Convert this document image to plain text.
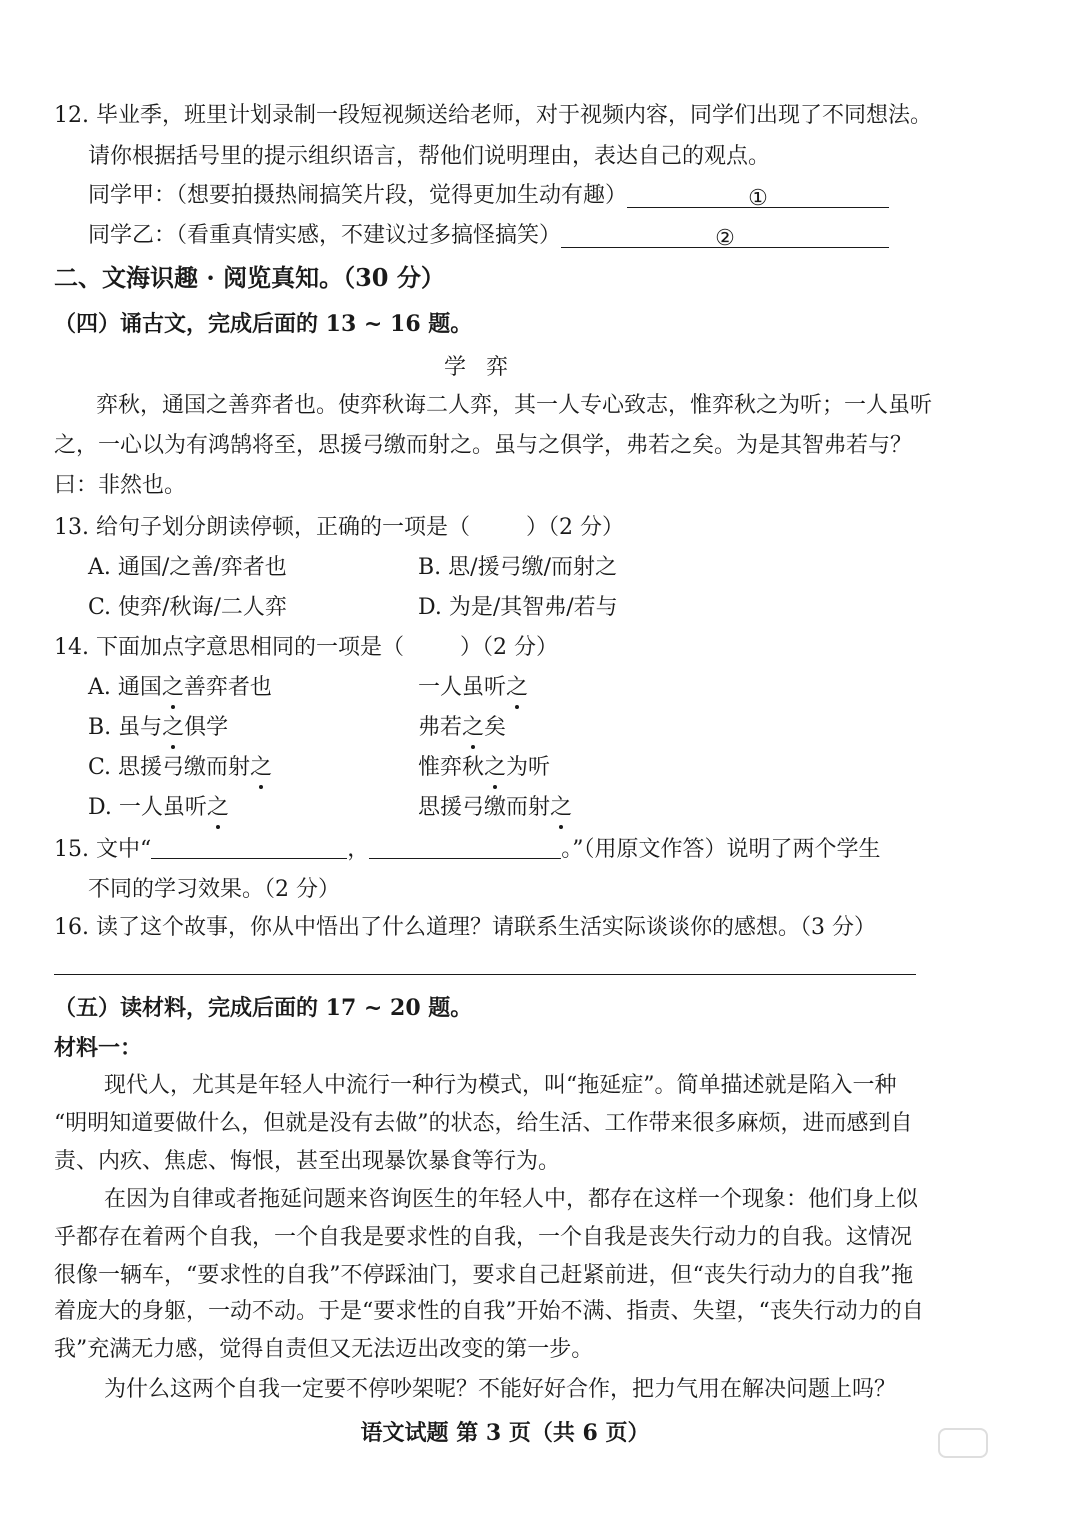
12. 毕业季，班里计划录制一段短视频送给老师，对于视频内容，同学们出现了不同想法。
请你根据括号里的提示组织语言，帮他们说明理由，表达自己的观点。
同学甲：（想要拍摄热闹搞笑片段，觉得更加生动有趣）	①
同学乙：（看重真情实感，不建议过多搞怪搞笑）	②
二、文海识趣 · 阅览真知。（30 分）
（四）诵古文，完成后面的 13 ~ 16 题。
学弈
弈秋，通国之善弈者也。使弈秋诲二人弈，其一人专心致志，惟弈秋之为听；一人虽听
之，一心以为有鸿鹄将至，思援弓缴而射之。虽与之俱学，弗若之矣。为是其智弗若与？
曰：非然也。
13. 给句子划分朗读停顿，正确的一项是（	）（2 分）
A. 通国/之善/弈者也	B. 思/援弓缴/而射之
C. 使弈/秋诲/二人弈	D. 为是/其智弗/若与
14. 下面加点字意思相同的一项是（	）（2 分）
A. 通国之善弈者也	一人虽听之
B. 虽与之俱学	弗若之矣
C. 思援弓缴而射之	惟弈秋之为听
D. 一人虽听之	思援弓缴而射之
15. 文中“	，	。”（用原文作答）说明了两个学生
不同的学习效果。（2 分）
16. 读了这个故事，你从中悟出了什么道理？请联系生活实际谈谈你的感想。（3 分）
（五）读材料，完成后面的 17 ~ 20 题。
材料一：
现代人，尤其是年轻人中流行一种行为模式，叫“拖延症”。简单描述就是陷入一种
“明明知道要做什么，但就是没有去做”的状态，给生活、工作带来很多麻烦，进而感到自
责、内疚、焦虑、悔恨，甚至出现暴饮暴食等行为。
在因为自律或者拖延问题来咨询医生的年轻人中，都存在这样一个现象：他们身上似
乎都存在着两个自我，一个自我是要求性的自我，一个自我是丧失行动力的自我。这情况
很像一辆车，“要求性的自我”不停踩油门，要求自己赶紧前进，但“丧失行动力的自我”拖
着庞大的身躯，一动不动。于是“要求性的自我”开始不满、指责、失望，“丧失行动力的自
我”充满无力感，觉得自责但又无法迈出改变的第一步。
为什么这两个自我一定要不停吵架呢？不能好好合作，把力气用在解决问题上吗？
语文试题 第 3 页（共 6 页）
